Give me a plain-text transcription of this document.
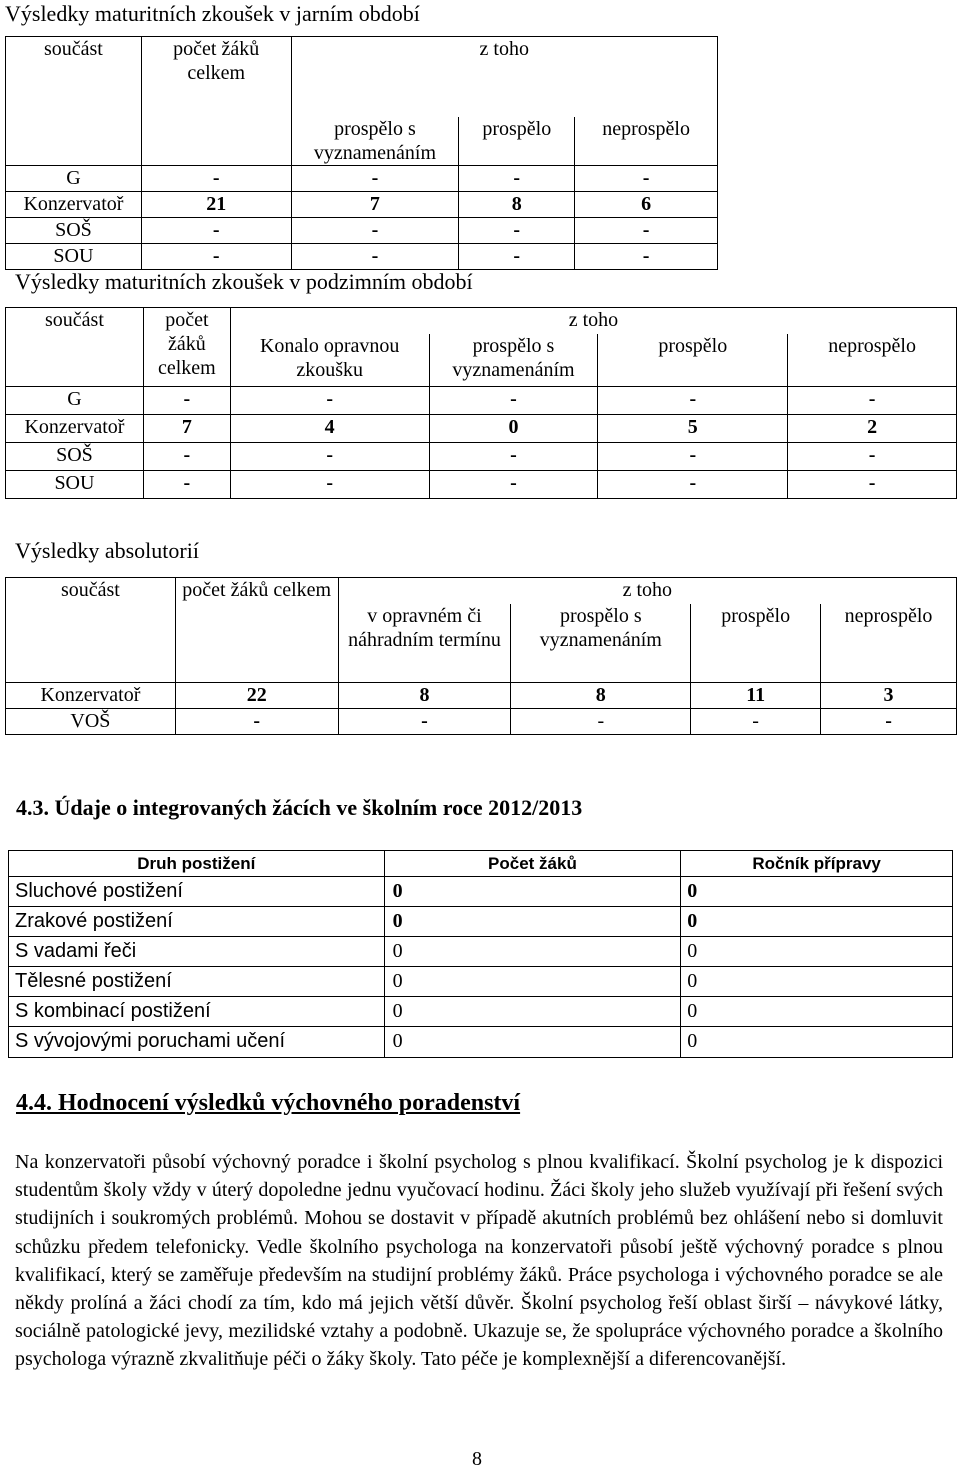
Výsledky maturitních zkoušek v jarním období
součást	počet žáků celkem	z toho		
		prospělo s vyznamenáním	prospělo	neprospělo
G	-	-	-	-
Konzervatoř	21	7	8	6
SOŠ	-	-	-	-
SOU	-	-	-	-
Výsledky maturitních zkoušek v podzimním období
součást	počet žáků celkem	z toho			
		Konalo opravnou zkoušku	prospělo s vyznamenáním	prospělo	neprospělo
G	-	-	-	-	-
Konzervatoř	7	4	0	5	2
SOŠ	-	-	-	-	-
SOU	-	-	-	-	-
Výsledky absolutorií
součást	počet žáků celkem	z toho			
		v opravném či náhradním termínu	prospělo s vyznamenáním	prospělo	neprospělo
Konzervatoř	22	8	8	11	3
VOŠ	-	-	-	-	-
4.3. Údaje o integrovaných žácích ve školním roce 2012/2013
Druh postižení	Počet žáků	Ročník přípravy
Sluchové postižení	0	0
Zrakové postižení	0	0
S vadami řeči	0	0
Tělesné postižení	0	0
S kombinací postižení	0	0
S vývojovými poruchami učení	0	0
4.4. Hodnocení výsledků výchovného poradenství
Na konzervatoři působí výchovný poradce i školní psycholog s plnou kvalifikací. Školní psycholog je k dispozici studentům školy vždy v úterý dopoledne jednu vyučovací hodinu. Žáci školy jeho služeb využívají při řešení svých studijních i soukromých problémů. Mohou se dostavit v případě akutních problémů bez ohlášení nebo si domluvit schůzku předem telefonicky. Vedle školního psychologa na konzervatoři působí ještě výchovný poradce s plnou kvalifikací, který se zaměřuje především na studijní problémy žáků. Práce psychologa i výchovného poradce se ale někdy prolíná a žáci chodí za tím, kdo má jejich větší důvěr. Školní psycholog řeší oblast širší – návykové látky, sociálně patologické jevy, mezilidské vztahy a podobně. Ukazuje se, že spolupráce výchovného poradce a školního psychologa výrazně zkvalitňuje péči o žáky školy. Tato péče je komplexnější a diferencovanější.
8
